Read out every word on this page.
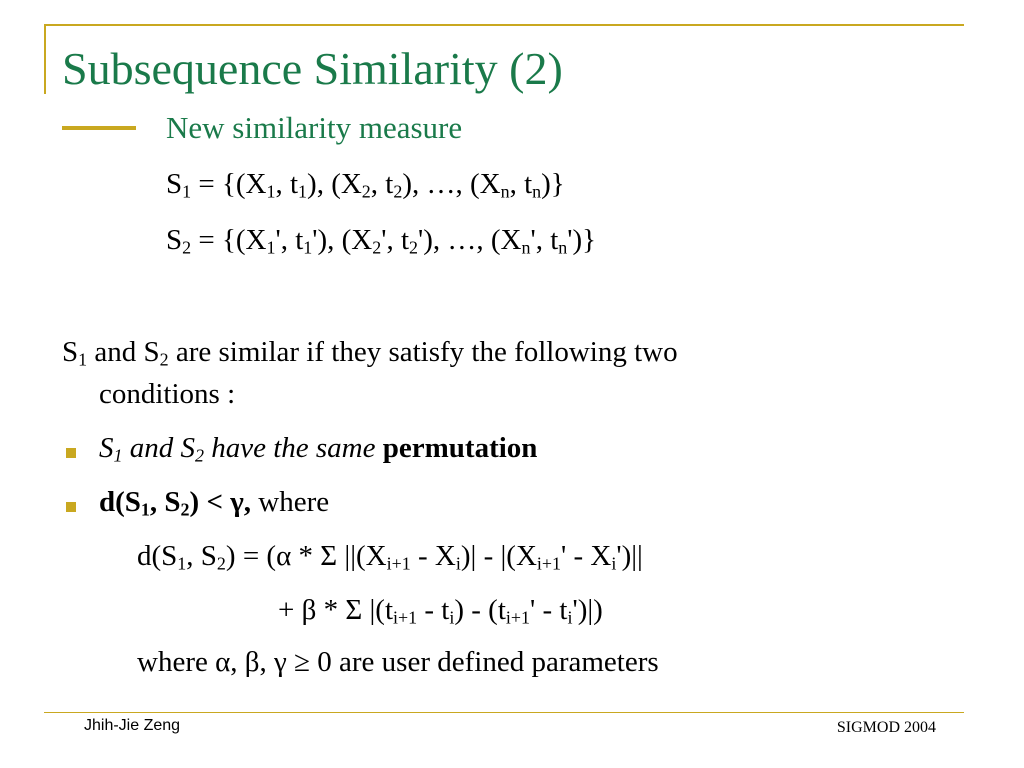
Subsequence Similarity (2)
New similarity measure
$S_1 = \{(X_1$, $t_1$), ($X_2$, $t_2$), …, ($X_n$, $t_n$)}
$S_2 = \{(X_1'$, $t_1'$), ($X_2'$, $t_2'$), …, ($X_n'$, $t_n'$)}
$S_1$ and $S_2$ are similar if they satisfy the following two
conditions :
$S_1$ and $S_2$ have the same permutation
$d(S_1$, $S_2) < \gamma$, where
$d(S_1$, $S_2) = (\alpha * \Sigma$ $||(X_{i+1} - X_i)| - |(X_{i+1}' - X_i')||$
+ β * Σ $|(t_{i+1} - t_i) - (t_{i+1}' - t_i')|$)
where α, β, γ ≥ 0 are user defined parameters
Jhih-Jie Zeng	SIGMOD 2004
